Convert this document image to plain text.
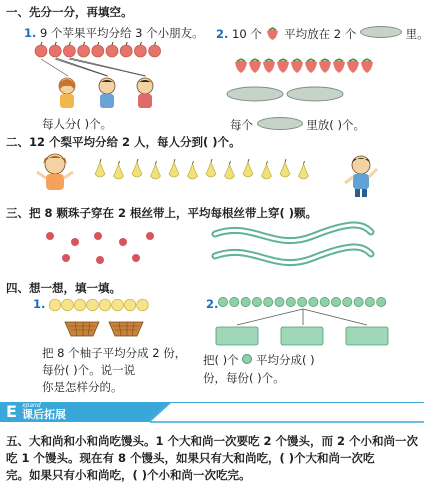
一、先分一分，再填空。
1. 9 个苹果平均分给 3 个小朋友。
每人分( )个。
2. 10 个 平均放在 2 个	里。
每个	里放( )个。
二、12 个梨平均分给 2 人，每人分到( )个。
三、把 8 颗珠子穿在 2 根丝带上，平均每根丝带上穿( )颗。
四、想一想，填一填。
1.
把 8 个柚子平均分成 2 份，
每份( )个。说一说
你是怎样分的。
2.
把( )个 平均分成( )
份，每份( )个。
E xpand
课后拓展
五、大和尚和小和尚吃馒头。1 个大和尚一次要吃 2 个馒头，而 2 个小和尚一次
吃 1 个馒头。现在有 8 个馒头，如果只有大和尚吃，( )个大和尚一次吃
完。如果只有小和尚吃，( )个小和尚一次吃完。
